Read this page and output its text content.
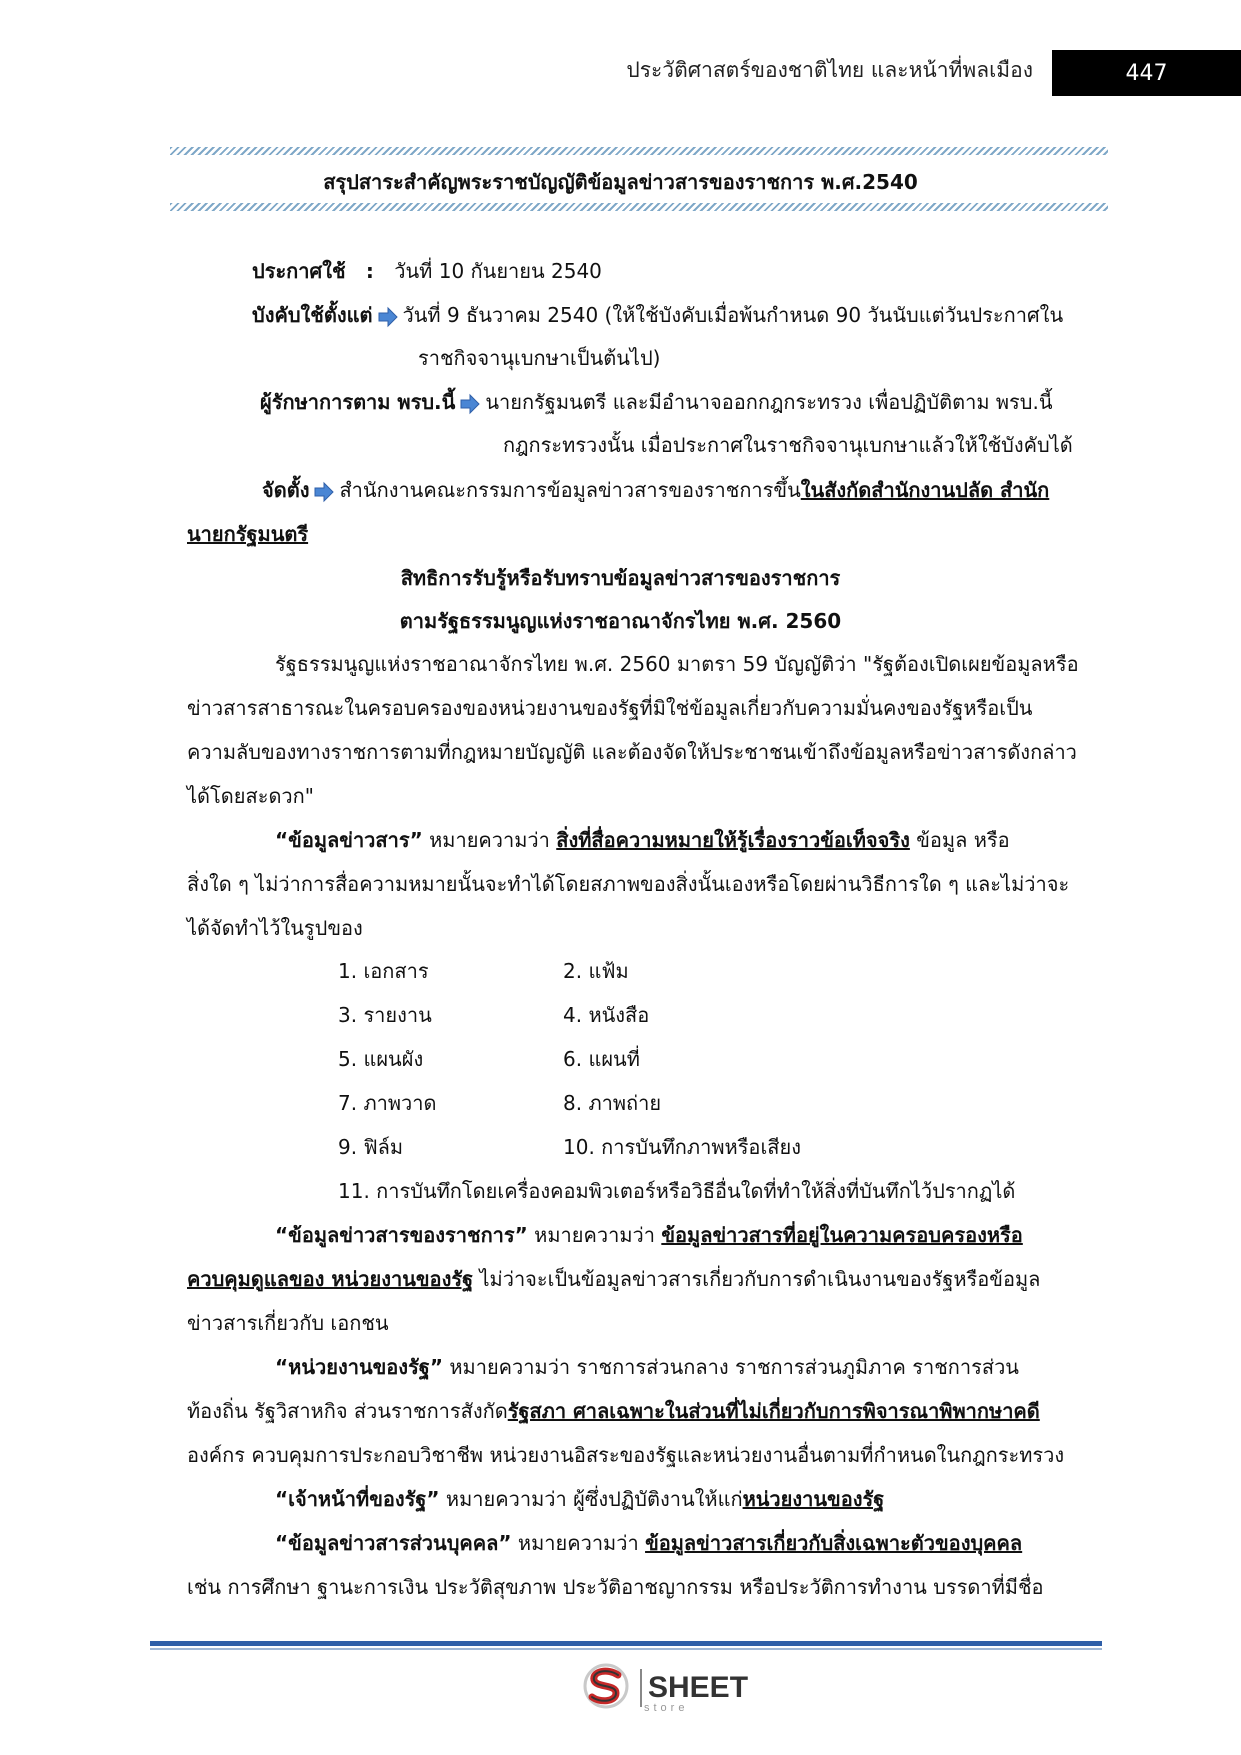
ประวัติศาสตร์ของชาติไทย และหน้าที่พลเมือง	447
สรุปสาระสำคัญพระราชบัญญัติข้อมูลข่าวสารของราชการ พ.ศ.2540
ประกาศใช้ : วันที่ 10 กันยายน 2540
บังคับใช้ตั้งแต่ วันที่ 9 ธันวาคม 2540 (ให้ใช้บังคับเมื่อพ้นกำหนด 90 วันนับแต่วันประกาศใน
ราชกิจจานุเบกษาเป็นต้นไป)
ผู้รักษาการตาม พรบ.นี้ นายกรัฐมนตรี และมีอำนาจออกกฎกระทรวง เพื่อปฏิบัติตาม พรบ.นี้
กฎกระทรวงนั้น เมื่อประกาศในราชกิจจานุเบกษาแล้วให้ใช้บังคับได้
จัดตั้ง สำนักงานคณะกรรมการข้อมูลข่าวสารของราชการขึ้นในสังกัดสำนักงานปลัด สำนัก
นายกรัฐมนตรี
สิทธิการรับรู้หรือรับทราบข้อมูลข่าวสารของราชการ
ตามรัฐธรรมนูญแห่งราชอาณาจักรไทย พ.ศ. 2560
รัฐธรรมนูญแห่งราชอาณาจักรไทย พ.ศ. 2560 มาตรา 59 บัญญัติว่า "รัฐต้องเปิดเผยข้อมูลหรือ
ข่าวสารสาธารณะในครอบครองของหน่วยงานของรัฐที่มิใช่ข้อมูลเกี่ยวกับความมั่นคงของรัฐหรือเป็น
ความลับของทางราชการตามที่กฎหมายบัญญัติ และต้องจัดให้ประชาชนเข้าถึงข้อมูลหรือข่าวสารดังกล่าว
ได้โดยสะดวก"
“ข้อมูลข่าวสาร” หมายความว่า สิ่งที่สื่อความหมายให้รู้เรื่องราวข้อเท็จจริง ข้อมูล หรือ
สิ่งใด ๆ ไม่ว่าการสื่อความหมายนั้นจะทำได้โดยสภาพของสิ่งนั้นเองหรือโดยผ่านวิธีการใด ๆ และไม่ว่าจะ
ได้จัดทำไว้ในรูปของ
1. เอกสาร	2. แฟ้ม
3. รายงาน	4. หนังสือ
5. แผนผัง	6. แผนที่
7. ภาพวาด	8. ภาพถ่าย
9. ฟิล์ม	10. การบันทึกภาพหรือเสียง
11. การบันทึกโดยเครื่องคอมพิวเตอร์หรือวิธีอื่นใดที่ทำให้สิ่งที่บันทึกไว้ปรากฏได้
“ข้อมูลข่าวสารของราชการ” หมายความว่า ข้อมูลข่าวสารที่อยู่ในความครอบครองหรือ
ควบคุมดูแลของ หน่วยงานของรัฐ ไม่ว่าจะเป็นข้อมูลข่าวสารเกี่ยวกับการดำเนินงานของรัฐหรือข้อมูล
ข่าวสารเกี่ยวกับ เอกชน
“หน่วยงานของรัฐ” หมายความว่า ราชการส่วนกลาง ราชการส่วนภูมิภาค ราชการส่วน
ท้องถิ่น รัฐวิสาหกิจ ส่วนราชการสังกัดรัฐสภา ศาลเฉพาะในส่วนที่ไม่เกี่ยวกับการพิจารณาพิพากษาคดี
องค์กร ควบคุมการประกอบวิชาชีพ หน่วยงานอิสระของรัฐและหน่วยงานอื่นตามที่กำหนดในกฎกระทรวง
“เจ้าหน้าที่ของรัฐ” หมายความว่า ผู้ซึ่งปฏิบัติงานให้แก่หน่วยงานของรัฐ
“ข้อมูลข่าวสารส่วนบุคคล” หมายความว่า ข้อมูลข่าวสารเกี่ยวกับสิ่งเฉพาะตัวของบุคคล
เช่น การศึกษา ฐานะการเงิน ประวัติสุขภาพ ประวัติอาชญากรรม หรือประวัติการทำงาน บรรดาที่มีชื่อ
SHEET
store
